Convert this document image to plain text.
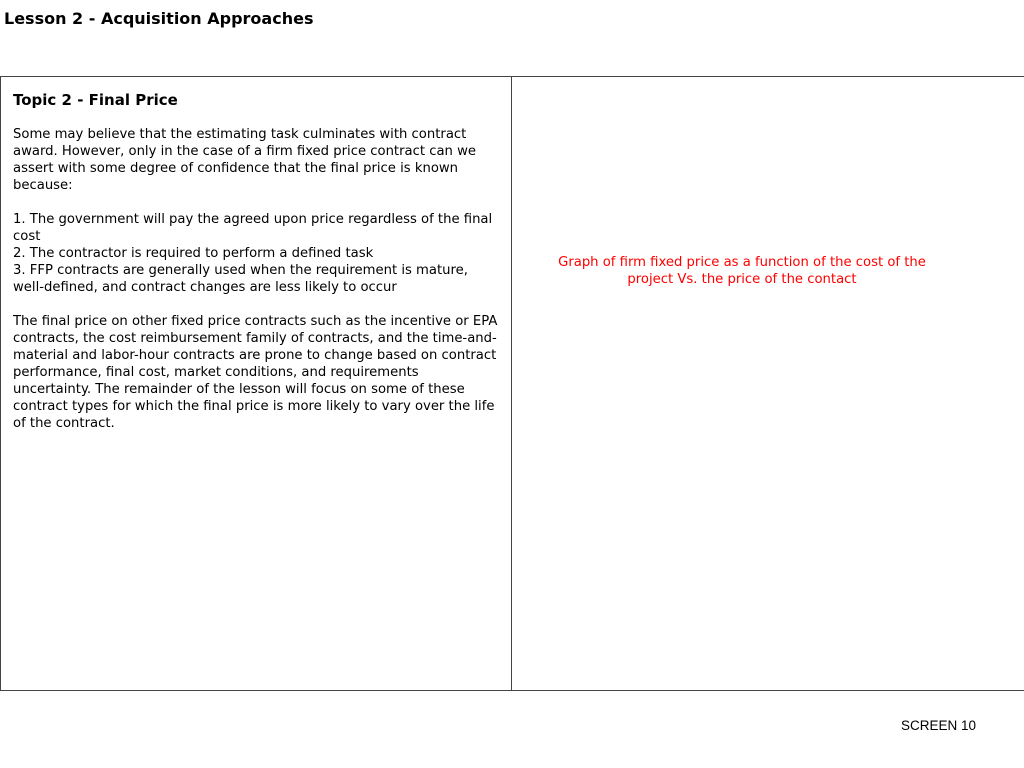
Lesson 2 - Acquisition Approaches
Topic 2 - Final Price

Some may believe that the estimating task culminates with contract award. However, only in the case of a firm fixed price contract can we assert with some degree of confidence that the final price is known because:

1. The government will pay the agreed upon price regardless of the final cost

2. The contractor is required to perform a defined task

3. FFP contracts are generally used when the requirement is mature, well-defined, and contract changes are less likely to occur

The final price on other fixed price contracts such as the incentive or EPA contracts, the cost reimbursement family of contracts, and the time-and-material and labor-hour contracts are prone to change based on contract performance, final cost, market conditions, and requirements uncertainty. The remainder of the lesson will focus on some of these contract types for which the final price is more likely to vary over the life of the contract.

Graph of firm fixed price as a function of the cost of the project Vs. the price of the contact
SCREEN 10
